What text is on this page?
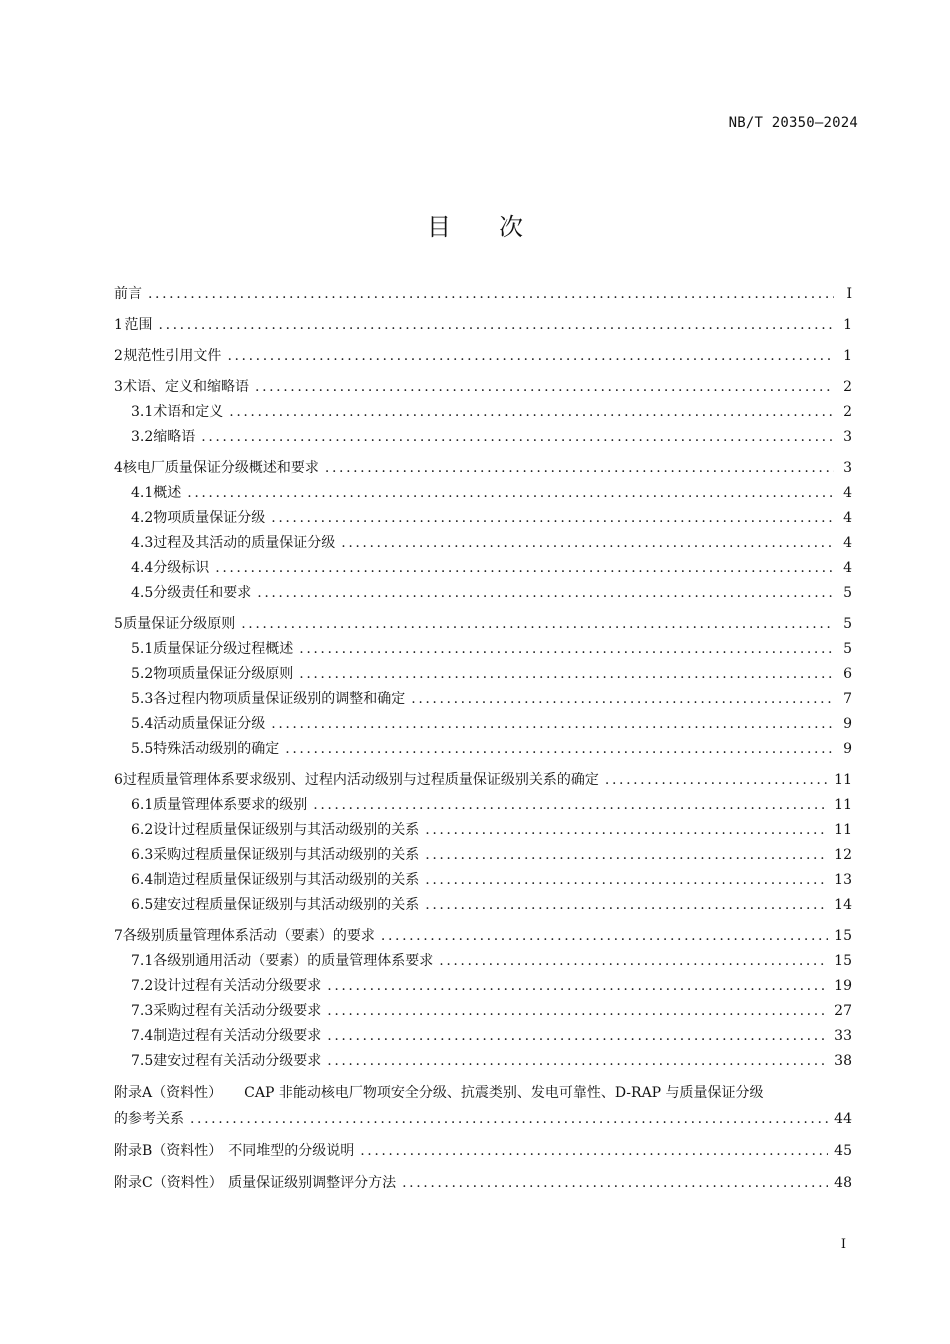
NB/T 20350—2024
目 次
前言 .....	I
1 范围 .....	1
2 规范性引用文件 .....	1
3 术语、定义和缩略语 .....	2
3.1 术语和定义 .....	2
3.2 缩略语 .....	3
4 核电厂质量保证分级概述和要求 .....	3
4.1 概述 .....	4
4.2 物项质量保证分级 .....	4
4.3 过程及其活动的质量保证分级 .....	4
4.4 分级标识 .....	4
4.5 分级责任和要求 .....	5
5 质量保证分级原则 .....	5
5.1 质量保证分级过程概述 .....	5
5.2 物项质量保证分级原则 .....	6
5.3 各过程内物项质量保证级别的调整和确定 .....	7
5.4 活动质量保证分级 .....	9
5.5 特殊活动级别的确定 .....	9
6 过程质量管理体系要求级别、过程内活动级别与过程质量保证级别关系的确定 .....	11
6.1 质量管理体系要求的级别 .....	11
6.2 设计过程质量保证级别与其活动级别的关系 .....	11
6.3 采购过程质量保证级别与其活动级别的关系 .....	12
6.4 制造过程质量保证级别与其活动级别的关系 .....	13
6.5 建安过程质量保证级别与其活动级别的关系 .....	14
7 各级别质量管理体系活动（要素）的要求 .....	15
7.1 各级别通用活动（要素）的质量管理体系要求 .....	15
7.2 设计过程有关活动分级要求 .....	19
7.3 采购过程有关活动分级要求 .....	27
7.4 制造过程有关活动分级要求 .....	33
7.5 建安过程有关活动分级要求 .....	38
附录A（资料性） CAP 非能动核电厂物项安全分级、抗震类别、发电可靠性、D-RAP 与质量保证分级
的参考关系 .....	44
附录B（资料性） 不同堆型的分级说明 .....	45
附录C（资料性） 质量保证级别调整评分方法 .....	48
I
